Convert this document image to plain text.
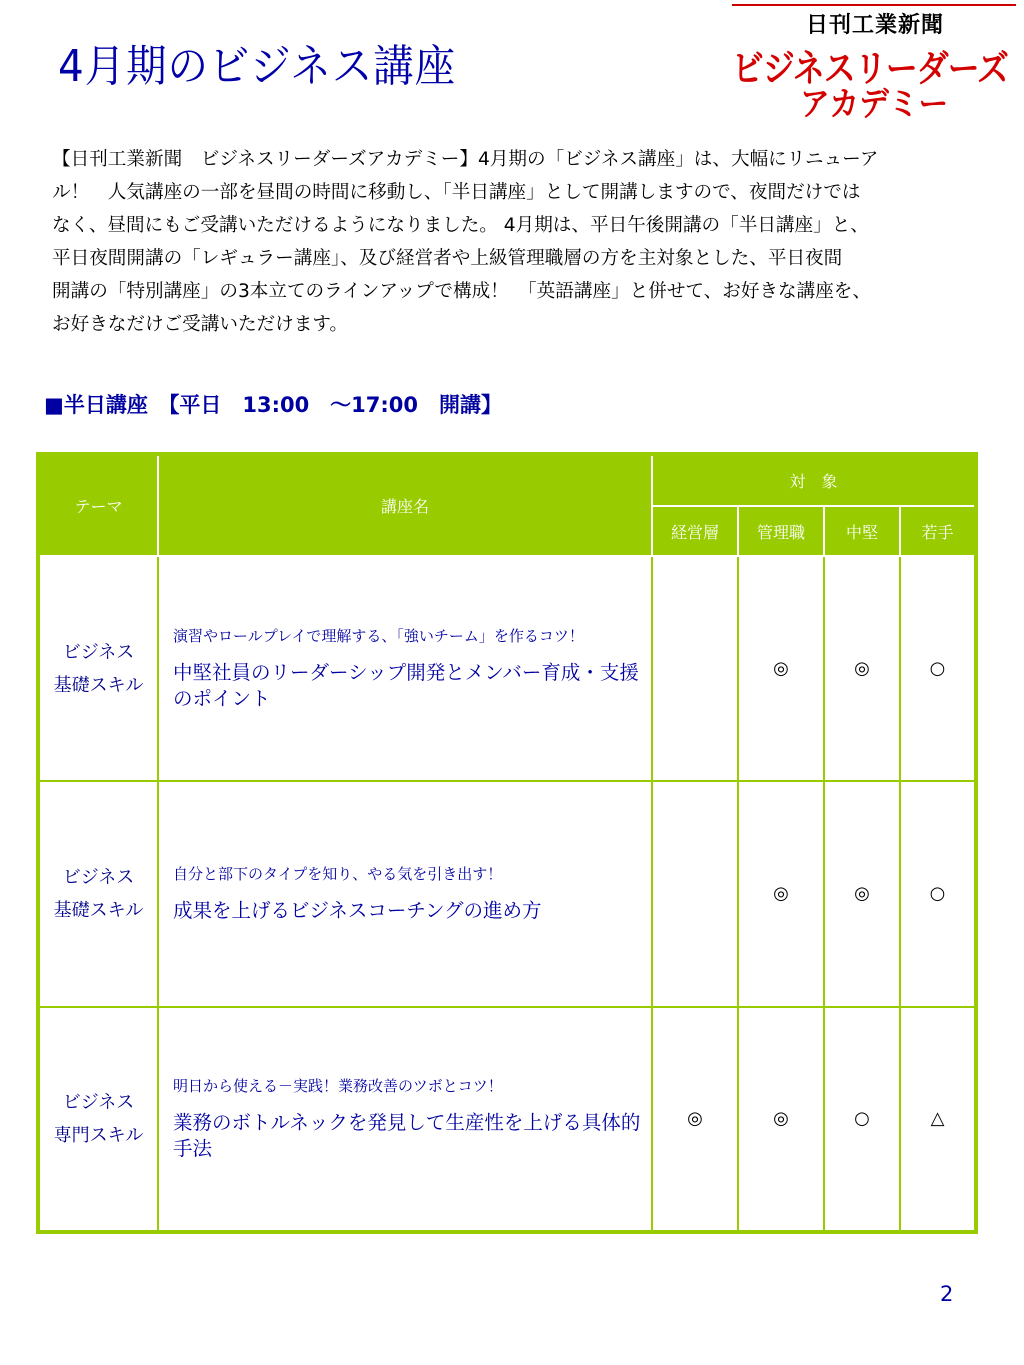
4月期のビジネス講座
日刊工業新聞
ビジネスリーダーズ
アカデミー
【日刊工業新聞　ビジネスリーダーズアカデミー】4月期の「ビジネス講座」は、大幅にリニューア
ル！　人気講座の一部を昼間の時間に移動し、「半日講座」として開講しますので、夜間だけでは
なく、昼間にもご受講いただけるようになりました。 4月期は、平日午後開講の「半日講座」と、
平日夜間開講の「レギュラー講座」、及び経営者や上級管理職層の方を主対象とした、平日夜間
開講の「特別講座」の3本立てのラインアップで構成！　「英語講座」と併せて、お好きな講座を、
お好きなだけご受講いただけます。
■半日講座　【平日　13:00　～17:00　開講】
テーマ	講座名	対　象			
		経営層	管理職	中堅	若手
ビジネス
基礎スキル	演習やロールプレイで理解する、「強いチーム」を作るコツ！
中堅社員のリーダーシップ開発とメンバー育成・支援のポイント		◎	◎	○
ビジネス
基礎スキル	自分と部下のタイプを知り、やる気を引き出す！
成果を上げるビジネスコーチングの進め方		◎	◎	○
ビジネス
専門スキル	明日から使える－実践！業務改善のツボとコツ！
業務のボトルネックを発見して生産性を上げる具体的手法	◎	◎	○	△
2
